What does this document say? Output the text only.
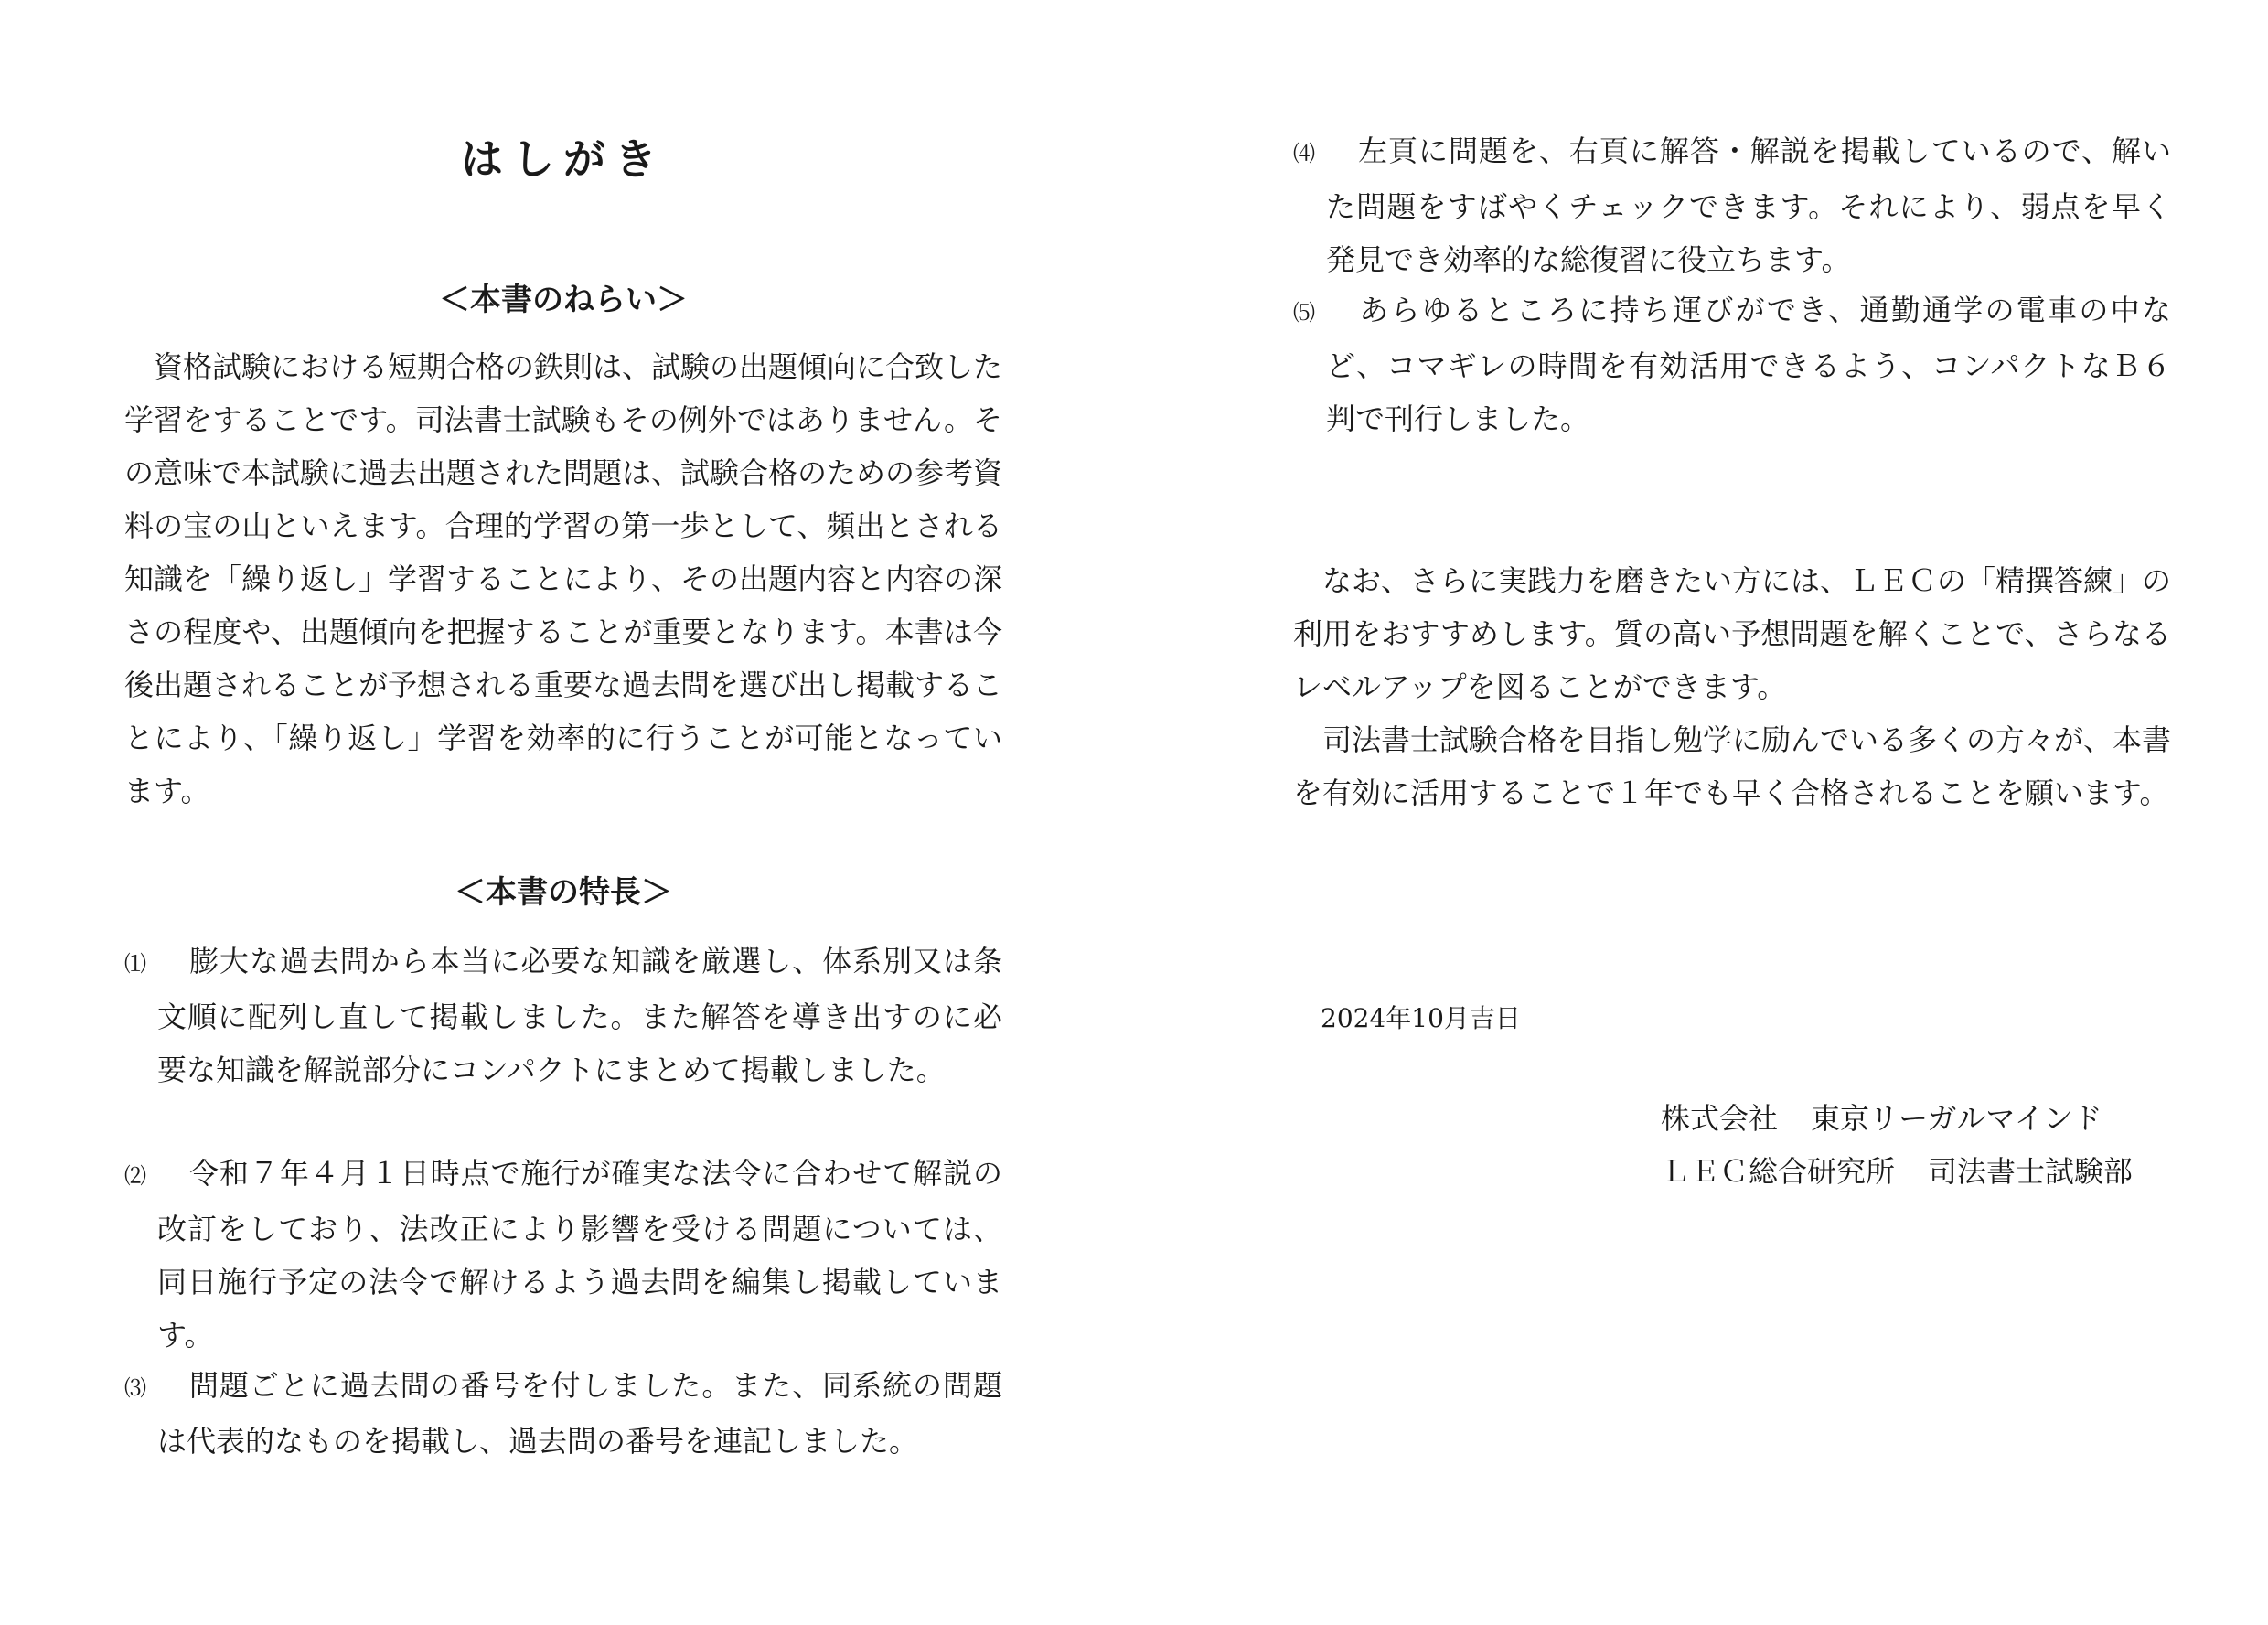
はしがき
＜本書のねらい＞

資格試験における短期合格の鉄則は、試験の出題傾向に合致した学習をすることです。司法書士試験もその例外ではありません。その意味で本試験に過去出題された問題は、試験合格のための参考資料の宝の山といえます。合理的学習の第一歩として、頻出とされる知識を「繰り返し」学習することにより、その出題内容と内容の深さの程度や、出題傾向を把握することが重要となります。本書は今後出題されることが予想される重要な過去問を選び出し掲載することにより、「繰り返し」学習を効率的に行うことが可能となっています。

＜本書の特長＞
⑴ 膨大な過去問から本当に必要な知識を厳選し、体系別又は条文順に配列し直して掲載しました。また解答を導き出すのに必要な知識を解説部分にコンパクトにまとめて掲載しました。
⑵ 令和７年４月１日時点で施行が確実な法令に合わせて解説の改訂をしており、法改正により影響を受ける問題については、同日施行予定の法令で解けるよう過去問を編集し掲載しています。
⑶ 問題ごとに過去問の番号を付しました。また、同系統の問題は代表的なものを掲載し、過去問の番号を連記しました。
⑷ 左頁に問題を、右頁に解答・解説を掲載しているので、解いた問題をすばやくチェックできます。それにより、弱点を早く発見でき効率的な総復習に役立ちます。
⑸ あらゆるところに持ち運びができ、通勤通学の電車の中など、コマギレの時間を有効活用できるよう、コンパクトなＢ６判で刊行しました。

なお、さらに実践力を磨きたい方には、ＬＥＣの「精撰答練」の利用をおすすめします。質の高い予想問題を解くことで、さらなるレベルアップを図ることができます。

司法書士試験合格を目指し勉学に励んでいる多くの方々が、本書を有効に活用することで１年でも早く合格されることを願います。

2024年10月吉日

株式会社 東京リーガルマインド

ＬＥＣ総合研究所 司法書士試験部
